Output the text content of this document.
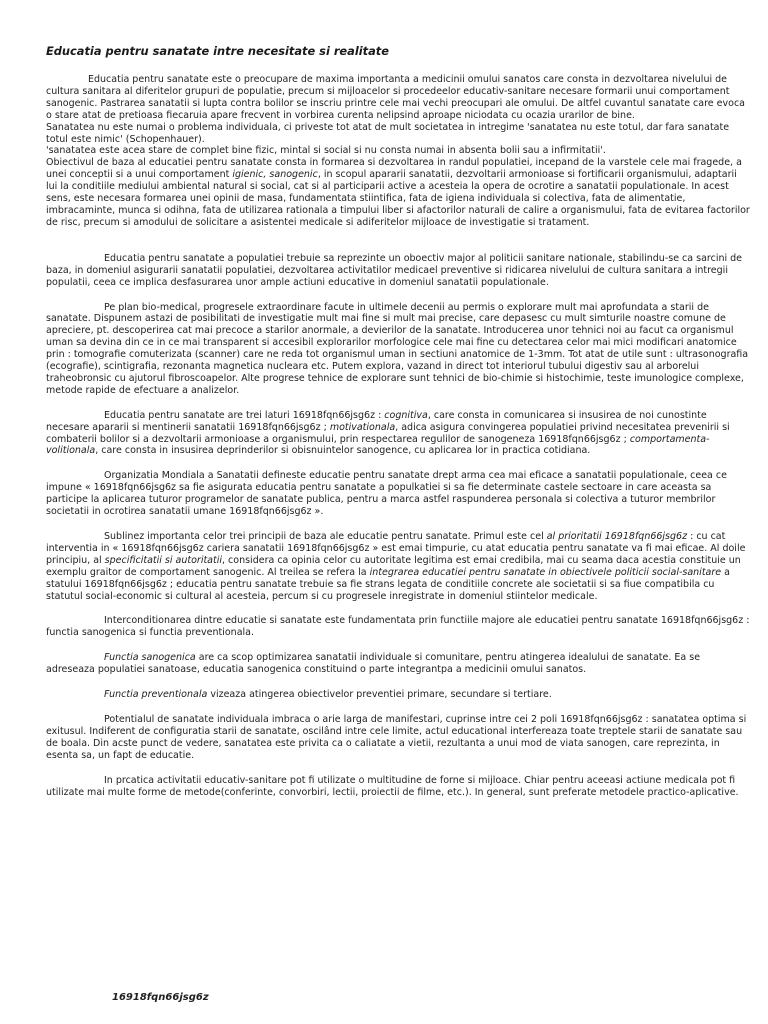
Educatia pentru sanatate intre necesitate si realitate
Educatia pentru sanatate este o preocupare de maxima importanta a medicinii omului sanatos care consta in dezvoltarea nivelului de cultura sanitara al diferitelor grupuri de populatie, precum si mijloacelor si procedeelor educativ-sanitare necesare formarii unui comportament sanogenic. Pastrarea sanatatii si lupta contra bolilor se inscriu printre cele mai vechi preocupari ale omului. De altfel cuvantul sanatate care evoca o stare atat de pretioasa fiecaruia apare frecvent in vorbirea curenta nelipsind aproape niciodata cu ocazia urarilor de bine.
Sanatatea nu este numai o problema individuala, ci priveste tot atat de mult societatea in intregime 'sanatatea nu este totul, dar fara sanatate totul este nimic' (Schopenhauer).
'sanatatea este acea stare de complet bine fizic, mintal si social si nu consta numai in absenta bolii sau a infirmitatii'.

Obiectivul de baza al educatiei pentru sanatate consta in formarea si dezvoltarea in randul populatiei, incepand de la varstele cele mai fragede, a unei conceptii si a unui comportament igienic, sanogenic, in scopul apararii sanatatii, dezvoltarii armonioase si fortificarii organismului, adaptarii lui la conditiile mediului ambiental natural si social, cat si al participarii active a acesteia la opera de ocrotire a sanatatii populationale. In acest sens, este necesara formarea unei opinii de masa, fundamentata stiintifica, fata de igiena individuala si colectiva, fata de alimentatie, imbracaminte, munca si odihna, fata de utilizarea rationala a timpului liber si afactorilor naturali de calire a organismului, fata de evitarea factorilor de risc, precum si amodului de solicitare a asistentei medicale si adiferitelor mijloace de investigatie si tratament.

Educatia pentru sanatate a populatiei trebuie sa reprezinte un oboectiv major al politicii sanitare nationale, stabilindu-se ca sarcini de baza, in domeniul asigurarii sanatatii populatiei, dezvoltarea activitatilor medicael preventive si ridicarea nivelului de cultura sanitara a intregii populatii, ceea ce implica desfasurarea unor ample actiuni educative in domeniul sanatatii populationale.

Pe plan bio-medical, progresele extraordinare facute in ultimele decenii au permis o explorare mult mai aprofundata a starii de sanatate. Dispunem astazi de posibilitati de investigatie mult mai fine si mult mai precise, care depasesc cu mult simturile noastre comune de apreciere, pt. descoperirea cat mai precoce a starilor anormale, a devierilor de la sanatate. Introducerea unor tehnici noi au facut ca organismul uman sa devina din ce in ce mai transparent si accesibil explorarilor morfologice cele mai fine cu detectarea celor mai mici modificari anatomice prin : tomografie comuterizata (scanner) care ne reda tot organismul uman in sectiuni anatomice de 1-3mm. Tot atat de utile sunt : ultrasonografia (ecografie), scintigrafia, rezonanta magnetica nucleara etc. Putem explora, vazand in direct tot interiorul tubului digestiv sau al arborelui traheobronsic cu ajutorul fibroscoapelor. Alte progrese tehnice de explorare sunt tehnici de bio-chimie si histochimie, teste imunologice complexe, metode rapide de efectuare a analizelor.

Educatia pentru sanatate are trei laturi 16918fqn66jsg6z : cognitiva, care consta in comunicarea si insusirea de noi cunostinte necesare apararii si mentinerii sanatatii 16918fqn66jsg6z ; motivationala, adica asigura convingerea populatiei privind necesitatea prevenirii si combaterii bolilor si a dezvoltarii armonioase a organismului, prin respectarea regulilor de sanogeneza 16918fqn66jsg6z ; comportamenta-volitionala, care consta in insusirea deprinderilor si obisnuintelor sanogence, cu aplicarea lor in practica cotidiana.

Organizatia Mondiala a Sanatatii defineste educatie pentru sanatate drept arma cea mai eficace a sanatatii populationale, ceea ce impune « 16918fqn66jsg6z sa fie asigurata educatia pentru sanatate a populkatiei si sa fie determinate castele sectoare in care aceasta sa participe la aplicarea tuturor programelor de sanatate publica, pentru a marca astfel raspunderea personala si colectiva a tuturor membrilor societatii in ocrotirea sanatatii umane 16918fqn66jsg6z ».

Sublinez importanta celor trei principii de baza ale educatie pentru sanatate. Primul este cel al prioritatii 16918fqn66jsg6z : cu cat interventia in « 16918fqn66jsg6z cariera sanatatii 16918fqn66jsg6z » est emai timpurie, cu atat educatia pentru sanatate va fi mai eficae. Al doile principiu, al specificitatii si autoritatii, considera ca opinia celor cu autoritate legitima est emai credibila, mai cu seama daca acestia constituie un exemplu graitor de comportament sanogenic. Al treilea se refera la integrarea educatiei pentru sanatate in obiectivele politicii social-sanitare a statului 16918fqn66jsg6z ; educatia pentru sanatate trebuie sa fie strans legata de conditiile concrete ale societatii si sa fiue compatibila cu statutul social-economic si cultural al acesteia, percum si cu progresele inregistrate in domeniul stiintelor medicale.

Interconditionarea dintre educatie si sanatate este fundamentata prin functiile majore ale educatiei pentru sanatate 16918fqn66jsg6z : functia sanogenica si functia preventionala.

Functia sanogenica are ca scop optimizarea sanatatii individuale si comunitare, pentru atingerea idealului de sanatate. Ea se adreseaza populatiei sanatoase, educatia sanogenica constituind o parte integrantpa a medicinii omului sanatos.

Functia preventionala vizeaza atingerea obiectivelor preventiei primare, secundare si tertiare.

Potentialul de sanatate individuala imbraca o arie larga de manifestari, cuprinse intre cei 2 poli 16918fqn66jsg6z : sanatatea optima si exitusul. Indiferent de configuratia starii de sanatate, oscilând intre cele limite, actul educational interfereaza toate treptele starii de sanatate sau de boala. Din acste punct de vedere, sanatatea este privita ca o caliatate a vietii, rezultanta a unui mod de viata sanogen, care reprezinta, in esenta sa, un fapt de educatie.

In prcatica activitatii educativ-sanitare pot fi utilizate o multitudine de forne si mijloace. Chiar pentru aceeasi actiune medicala pot fi utilizate mai multe forme de metode(conferinte, convorbiri, lectii, proiectii de filme, etc.). In general, sunt preferate metodele practico-aplicative.

16918fqn66jsg6z
